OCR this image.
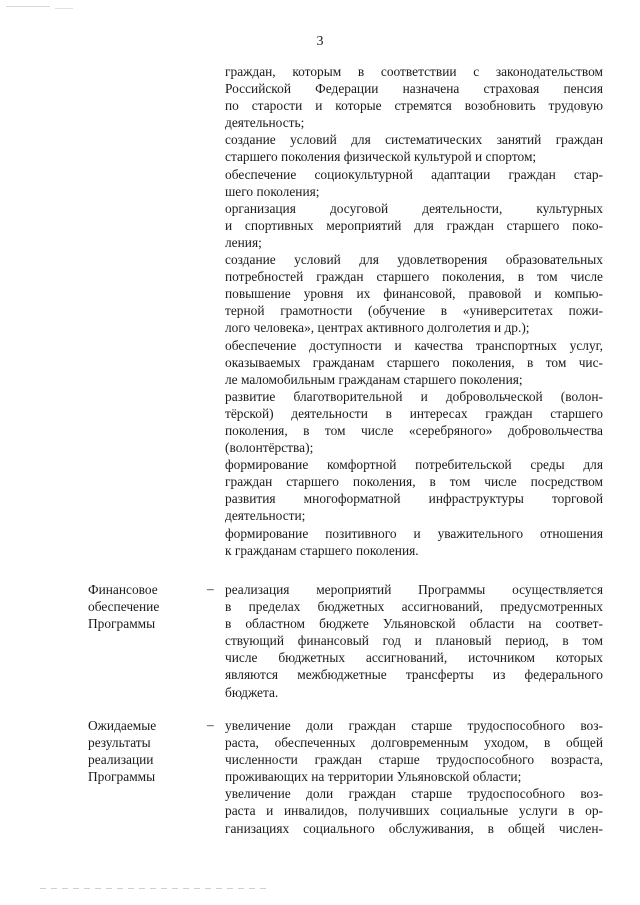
3
граждан, которым в соответствии с законодательством
Российской Федерации назначена страховая пенсия
по старости и которые стремятся возобновить трудовую
деятельность;
создание условий для систематических занятий граждан
старшего поколения физической культурой и спортом;
обеспечение социокультурной адаптации граждан стар-
шего поколения;
организация досуговой деятельности, культурных
и спортивных мероприятий для граждан старшего поко-
ления;
создание условий для удовлетворения образовательных
потребностей граждан старшего поколения, в том числе
повышение уровня их финансовой, правовой и компью-
терной грамотности (обучение в «университетах пожи-
лого человека», центрах активного долголетия и др.);
обеспечение доступности и качества транспортных услуг,
оказываемых гражданам старшего поколения, в том чис-
ле маломобильным гражданам старшего поколения;
развитие благотворительной и добровольческой (волон-
тёрской) деятельности в интересах граждан старшего
поколения, в том числе «серебряного» добровольчества
(волонтёрства);
формирование комфортной потребительской среды для
граждан старшего поколения, в том числе посредством
развития многоформатной инфраструктуры торговой
деятельности;
формирование позитивного и уважительного отношения
к гражданам старшего поколения.
Финансовое
обеспечение
Программы
– реализация мероприятий Программы осуществляется
в пределах бюджетных ассигнований, предусмотренных
в областном бюджете Ульяновской области на соответ-
ствующий финансовый год и плановый период, в том
числе бюджетных ассигнований, источником которых
являются межбюджетные трансферты из федерального
бюджета.
Ожидаемые
результаты
реализации
Программы
– увеличение доли граждан старше трудоспособного воз-
раста, обеспеченных долговременным уходом, в общей
численности граждан старше трудоспособного возраста,
проживающих на территории Ульяновской области;
увеличение доли граждан старше трудоспособного воз-
раста и инвалидов, получивших социальные услуги в ор-
ганизациях социального обслуживания, в общей числен-
